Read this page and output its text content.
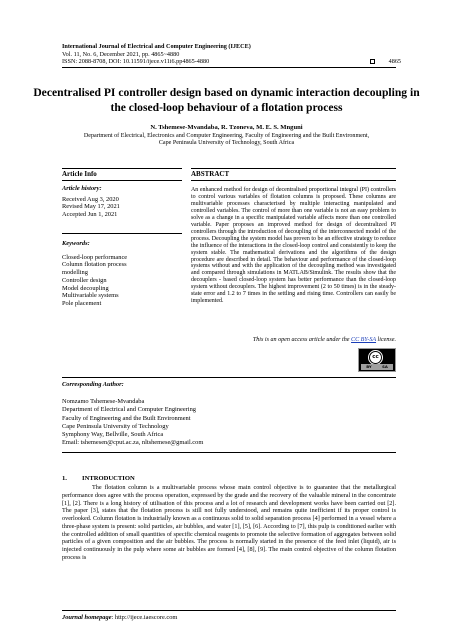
International Journal of Electrical and Computer Engineering (IJECE)
Vol. 11, No. 6, December 2021, pp. 4865~4880
ISSN: 2088-8708, DOI: 10.11591/ijece.v11i6.pp4865-4880	4865
Decentralised PI controller design based on dynamic interaction decoupling in the closed-loop behaviour of a flotation process
N. Tshemese-Mvandaba, R. Tzoneva, M. E. S. Mnguni
Department of Electrical, Electronics and Computer Engineering, Faculty of Engineering and the Built Environment,
Cape Peninsula University of Technology, South Africa
Article Info
Article history:
Received Aug 3, 2020
Revised May 17, 2021
Accepted Jun 1, 2021
Keywords:
Closed-loop performance
Column flotation process
modelling
Controller design
Model decoupling
Multivariable systems
Pole placement
ABSTRACT
An enhanced method for design of decentralised proportional integral (PI) controllers to control various variables of flotation columns is proposed. These columns are multivariable processes characterised by multiple interacting manipulated and controlled variables. The control of more than one variable is not an easy problem to solve as a change in a specific manipulated variable affects more than one controlled variable. Paper proposes an improved method for design of decentralized PI controllers through the introduction of decoupling of the interconnected model of the process. Decoupling the system model has proven to be an effective strategy to reduce the influence of the interactions in the closed-loop control and consistently to keep the system stable. The mathematical derivations and the algorithms of the design procedure are described in detail. The behaviour and performance of the closed-loop systems without and with the application of the decoupling method was investigated and compared through simulations in MATLAB/Simulink. The results show that the decouplers - based closed-loop system has better performance than the closed-loop system without decouplers. The highest improvement (2 to 50 times) is in the steady-state error and 1.2 to 7 times in the settling and rising time. Controllers can easily be implemented.
This is an open access article under the CC BY-SA license.
cc
BY	SA
Corresponding Author:
Nomzamo Tshemese-Mvandaba
Department of Electrical and Computer Engineering
Faculty of Engineering and the Built Environment
Cape Peninsula University of Technology
Symphony Way, Bellville, South Africa
Email: tshemesen@cput.ac.za, nltshemese@gmail.com
1. INTRODUCTION
The flotation column is a multivariable process whose main control objective is to guarantee that the metallurgical performance does agree with the process operation, expressed by the grade and the recovery of the valuable mineral in the concentrate [1], [2]. There is a long history of utilisation of this process and a lot of research and development works have been carried out [2]. The paper [3], states that the flotation process is still not fully understood, and remains quite inefficient if its proper control is overlooked. Column flotation is industrially known as a continuous solid to solid separation process [4] performed in a vessel where a three-phase system is present: solid particles, air bubbles, and water [1], [5], [6]. According to [7], this pulp is conditioned earlier with the controlled addition of small quantities of specific chemical reagents to promote the selective formation of aggregates between solid particles of a given composition and the air bubbles. The process is normally started in the presence of the feed inlet (liquid), air is injected continuously in the pulp where some air bubbles are formed [4], [8], [9]. The main control objective of the column flotation process is
Journal homepage: http://ijece.iaescore.com
